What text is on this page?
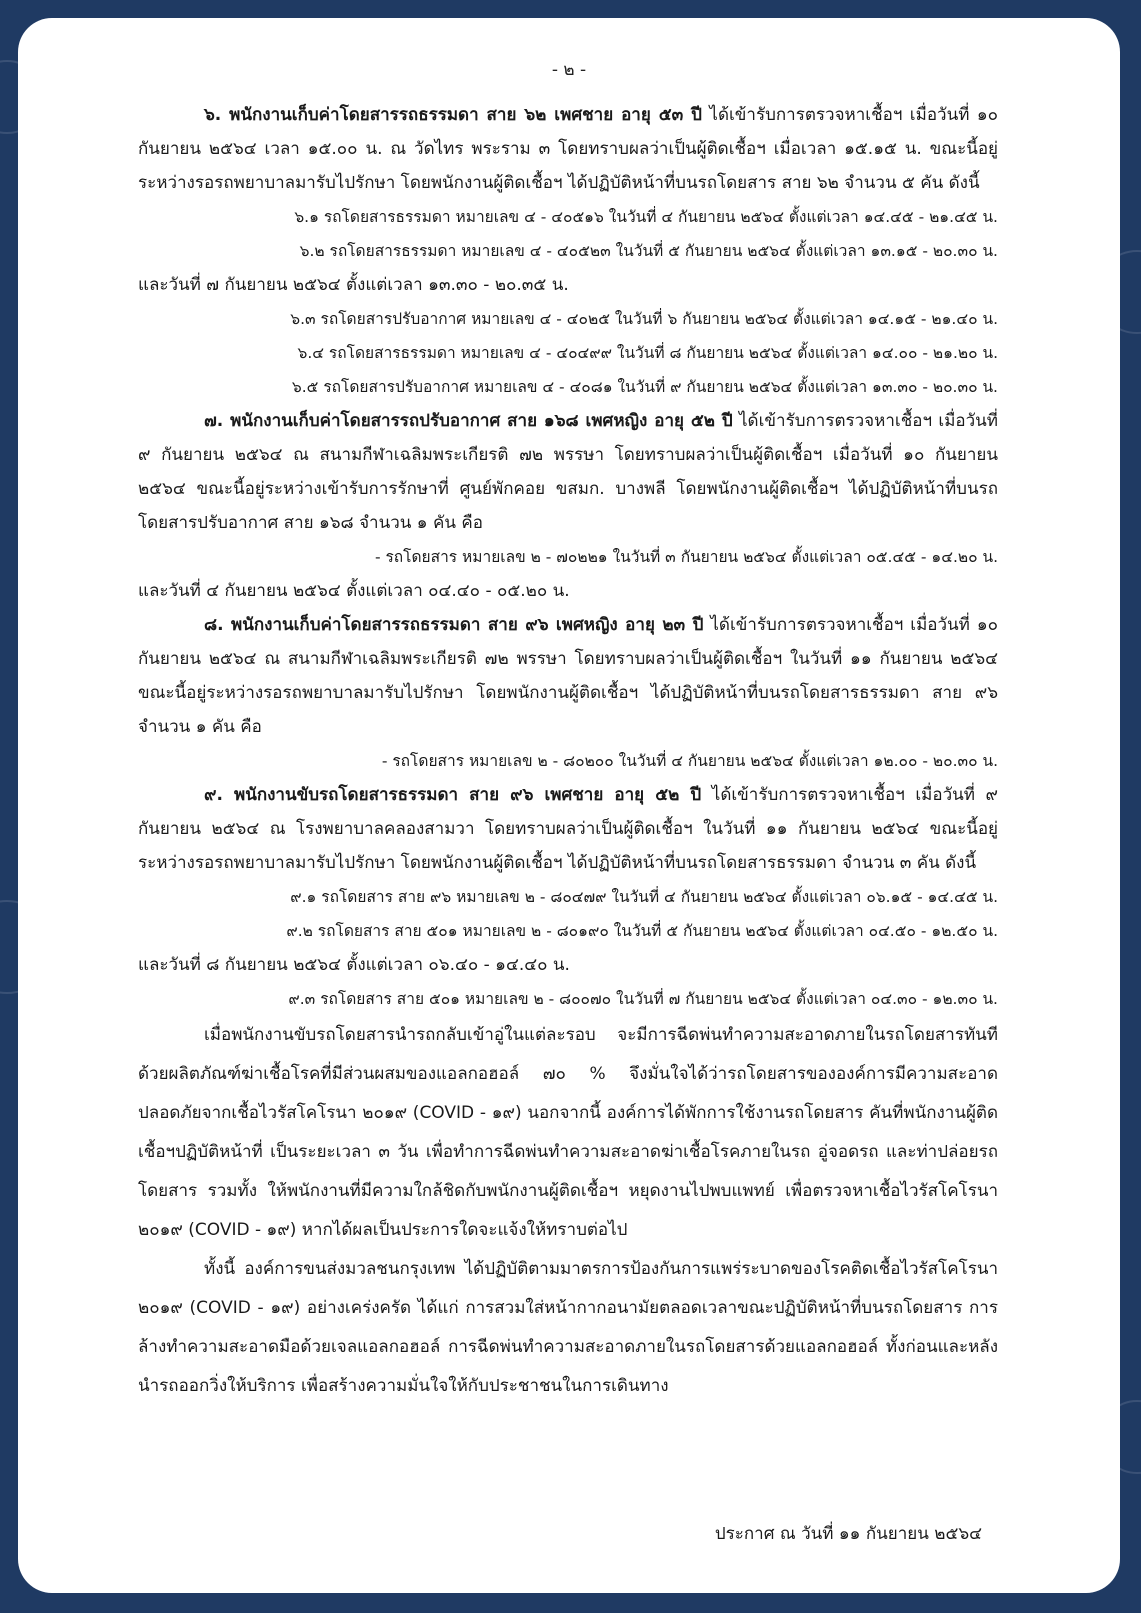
- ๒ -

๖. พนักงานเก็บค่าโดยสารรถธรรมดา สาย ๖๒ เพศชาย อายุ ๕๓ ปี ได้เข้ารับการตรวจหาเชื้อฯ เมื่อวันที่ ๑๐ กันยายน ๒๕๖๔ เวลา ๑๕.๐๐ น. ณ วัดไทร พระราม ๓ โดยทราบผลว่าเป็นผู้ติดเชื้อฯ เมื่อเวลา ๑๕.๑๕ น. ขณะนี้อยู่ระหว่างรอรถพยาบาลมารับไปรักษา โดยพนักงานผู้ติดเชื้อฯ ได้ปฏิบัติหน้าที่บนรถโดยสาร สาย ๖๒ จำนวน ๕ คัน ดังนี้

๖.๑ รถโดยสารธรรมดา หมายเลข ๔ - ๔๐๕๑๖ ในวันที่ ๔ กันยายน ๒๕๖๔ ตั้งแต่เวลา ๑๔.๔๕ - ๒๑.๔๕ น.

๖.๒ รถโดยสารธรรมดา หมายเลข ๔ - ๔๐๕๒๓ ในวันที่ ๕ กันยายน ๒๕๖๔ ตั้งแต่เวลา ๑๓.๑๕ - ๒๐.๓๐ น.
และวันที่ ๗ กันยายน ๒๕๖๔ ตั้งแต่เวลา ๑๓.๓๐ - ๒๐.๓๕ น.

๖.๓ รถโดยสารปรับอากาศ หมายเลข ๔ - ๔๐๒๕ ในวันที่ ๖ กันยายน ๒๕๖๔ ตั้งแต่เวลา ๑๔.๑๕ - ๒๑.๔๐ น.

๖.๔ รถโดยสารธรรมดา หมายเลข ๔ - ๔๐๔๙๙ ในวันที่ ๘ กันยายน ๒๕๖๔ ตั้งแต่เวลา ๑๔.๐๐ - ๒๑.๒๐ น.

๖.๕ รถโดยสารปรับอากาศ หมายเลข ๔ - ๔๐๘๑ ในวันที่ ๙ กันยายน ๒๕๖๔ ตั้งแต่เวลา ๑๓.๓๐ - ๒๐.๓๐ น.

๗. พนักงานเก็บค่าโดยสารรถปรับอากาศ สาย ๑๖๘ เพศหญิง อายุ ๕๒ ปี ได้เข้ารับการตรวจหาเชื้อฯ เมื่อวันที่ ๙ กันยายน ๒๕๖๔ ณ สนามกีฬาเฉลิมพระเกียรติ ๗๒ พรรษา โดยทราบผลว่าเป็นผู้ติดเชื้อฯ เมื่อวันที่ ๑๐ กันยายน ๒๕๖๔ ขณะนี้อยู่ระหว่างเข้ารับการรักษาที่ ศูนย์พักคอย ขสมก. บางพลี โดยพนักงานผู้ติดเชื้อฯ ได้ปฏิบัติหน้าที่บนรถโดยสารปรับอากาศ สาย ๑๖๘ จำนวน ๑ คัน คือ

- รถโดยสาร หมายเลข ๒ - ๗๐๒๒๑ ในวันที่ ๓ กันยายน ๒๕๖๔ ตั้งแต่เวลา ๐๕.๔๕ - ๑๔.๒๐ น.
และวันที่ ๔ กันยายน ๒๕๖๔ ตั้งแต่เวลา ๐๔.๔๐ - ๐๕.๒๐ น.

๘. พนักงานเก็บค่าโดยสารรถธรรมดา สาย ๙๖ เพศหญิง อายุ ๒๓ ปี ได้เข้ารับการตรวจหาเชื้อฯ เมื่อวันที่ ๑๐ กันยายน ๒๕๖๔ ณ สนามกีฬาเฉลิมพระเกียรติ ๗๒ พรรษา โดยทราบผลว่าเป็นผู้ติดเชื้อฯ ในวันที่ ๑๑ กันยายน ๒๕๖๔ ขณะนี้อยู่ระหว่างรอรถพยาบาลมารับไปรักษา โดยพนักงานผู้ติดเชื้อฯ ได้ปฏิบัติหน้าที่บนรถโดยสารธรรมดา สาย ๙๖ จำนวน ๑ คัน คือ

- รถโดยสาร หมายเลข ๒ - ๘๐๒๐๐ ในวันที่ ๔ กันยายน ๒๕๖๔ ตั้งแต่เวลา ๑๒.๐๐ - ๒๐.๓๐ น.

๙. พนักงานขับรถโดยสารธรรมดา สาย ๙๖ เพศชาย อายุ ๕๒ ปี ได้เข้ารับการตรวจหาเชื้อฯ เมื่อวันที่ ๙ กันยายน ๒๕๖๔ ณ โรงพยาบาลคลองสามวา โดยทราบผลว่าเป็นผู้ติดเชื้อฯ ในวันที่ ๑๑ กันยายน ๒๕๖๔ ขณะนี้อยู่ระหว่างรอรถพยาบาลมารับไปรักษา โดยพนักงานผู้ติดเชื้อฯ ได้ปฏิบัติหน้าที่บนรถโดยสารธรรมดา จำนวน ๓ คัน ดังนี้

๙.๑ รถโดยสาร สาย ๙๖ หมายเลข ๒ - ๘๐๔๗๙ ในวันที่ ๔ กันยายน ๒๕๖๔ ตั้งแต่เวลา ๐๖.๑๕ - ๑๔.๔๕ น.

๙.๒ รถโดยสาร สาย ๕๐๑ หมายเลข ๒ - ๘๐๑๙๐ ในวันที่ ๕ กันยายน ๒๕๖๔ ตั้งแต่เวลา ๐๔.๕๐ - ๑๒.๕๐ น.
และวันที่ ๘ กันยายน ๒๕๖๔ ตั้งแต่เวลา ๐๖.๔๐ - ๑๔.๔๐ น.

๙.๓ รถโดยสาร สาย ๕๐๑ หมายเลข ๒ - ๘๐๐๗๐ ในวันที่ ๗ กันยายน ๒๕๖๔ ตั้งแต่เวลา ๐๔.๓๐ - ๑๒.๓๐ น.

เมื่อพนักงานขับรถโดยสารนำรถกลับเข้าอู่ในแต่ละรอบ จะมีการฉีดพ่นทำความสะอาดภายในรถโดยสารทันทีด้วยผลิตภัณฑ์ฆ่าเชื้อโรคที่มีส่วนผสมของแอลกอฮอล์ ๗๐ % จึงมั่นใจได้ว่ารถโดยสารขององค์การมีความสะอาด ปลอดภัยจากเชื้อไวรัสโคโรนา ๒๐๑๙ (COVID - ๑๙) นอกจากนี้ องค์การได้พักการใช้งานรถโดยสาร คันที่พนักงานผู้ติดเชื้อฯปฏิบัติหน้าที่ เป็นระยะเวลา ๓ วัน เพื่อทำการฉีดพ่นทำความสะอาดฆ่าเชื้อโรคภายในรถ อู่จอดรถ และท่าปล่อยรถโดยสาร รวมทั้ง ให้พนักงานที่มีความใกล้ชิดกับพนักงานผู้ติดเชื้อฯ หยุดงานไปพบแพทย์ เพื่อตรวจหาเชื้อไวรัสโคโรนา ๒๐๑๙ (COVID - ๑๙) หากได้ผลเป็นประการใดจะแจ้งให้ทราบต่อไป

ทั้งนี้ องค์การขนส่งมวลชนกรุงเทพ ได้ปฏิบัติตามมาตรการป้องกันการแพร่ระบาดของโรคติดเชื้อไวรัสโคโรนา ๒๐๑๙ (COVID - ๑๙) อย่างเคร่งครัด ได้แก่ การสวมใส่หน้ากากอนามัยตลอดเวลาขณะปฏิบัติหน้าที่บนรถโดยสาร การล้างทำความสะอาดมือด้วยเจลแอลกอฮอล์ การฉีดพ่นทำความสะอาดภายในรถโดยสารด้วยแอลกอฮอล์ ทั้งก่อนและหลังนำรถออกวิ่งให้บริการ เพื่อสร้างความมั่นใจให้กับประชาชนในการเดินทาง

ประกาศ ณ วันที่ ๑๑ กันยายน ๒๕๖๔
